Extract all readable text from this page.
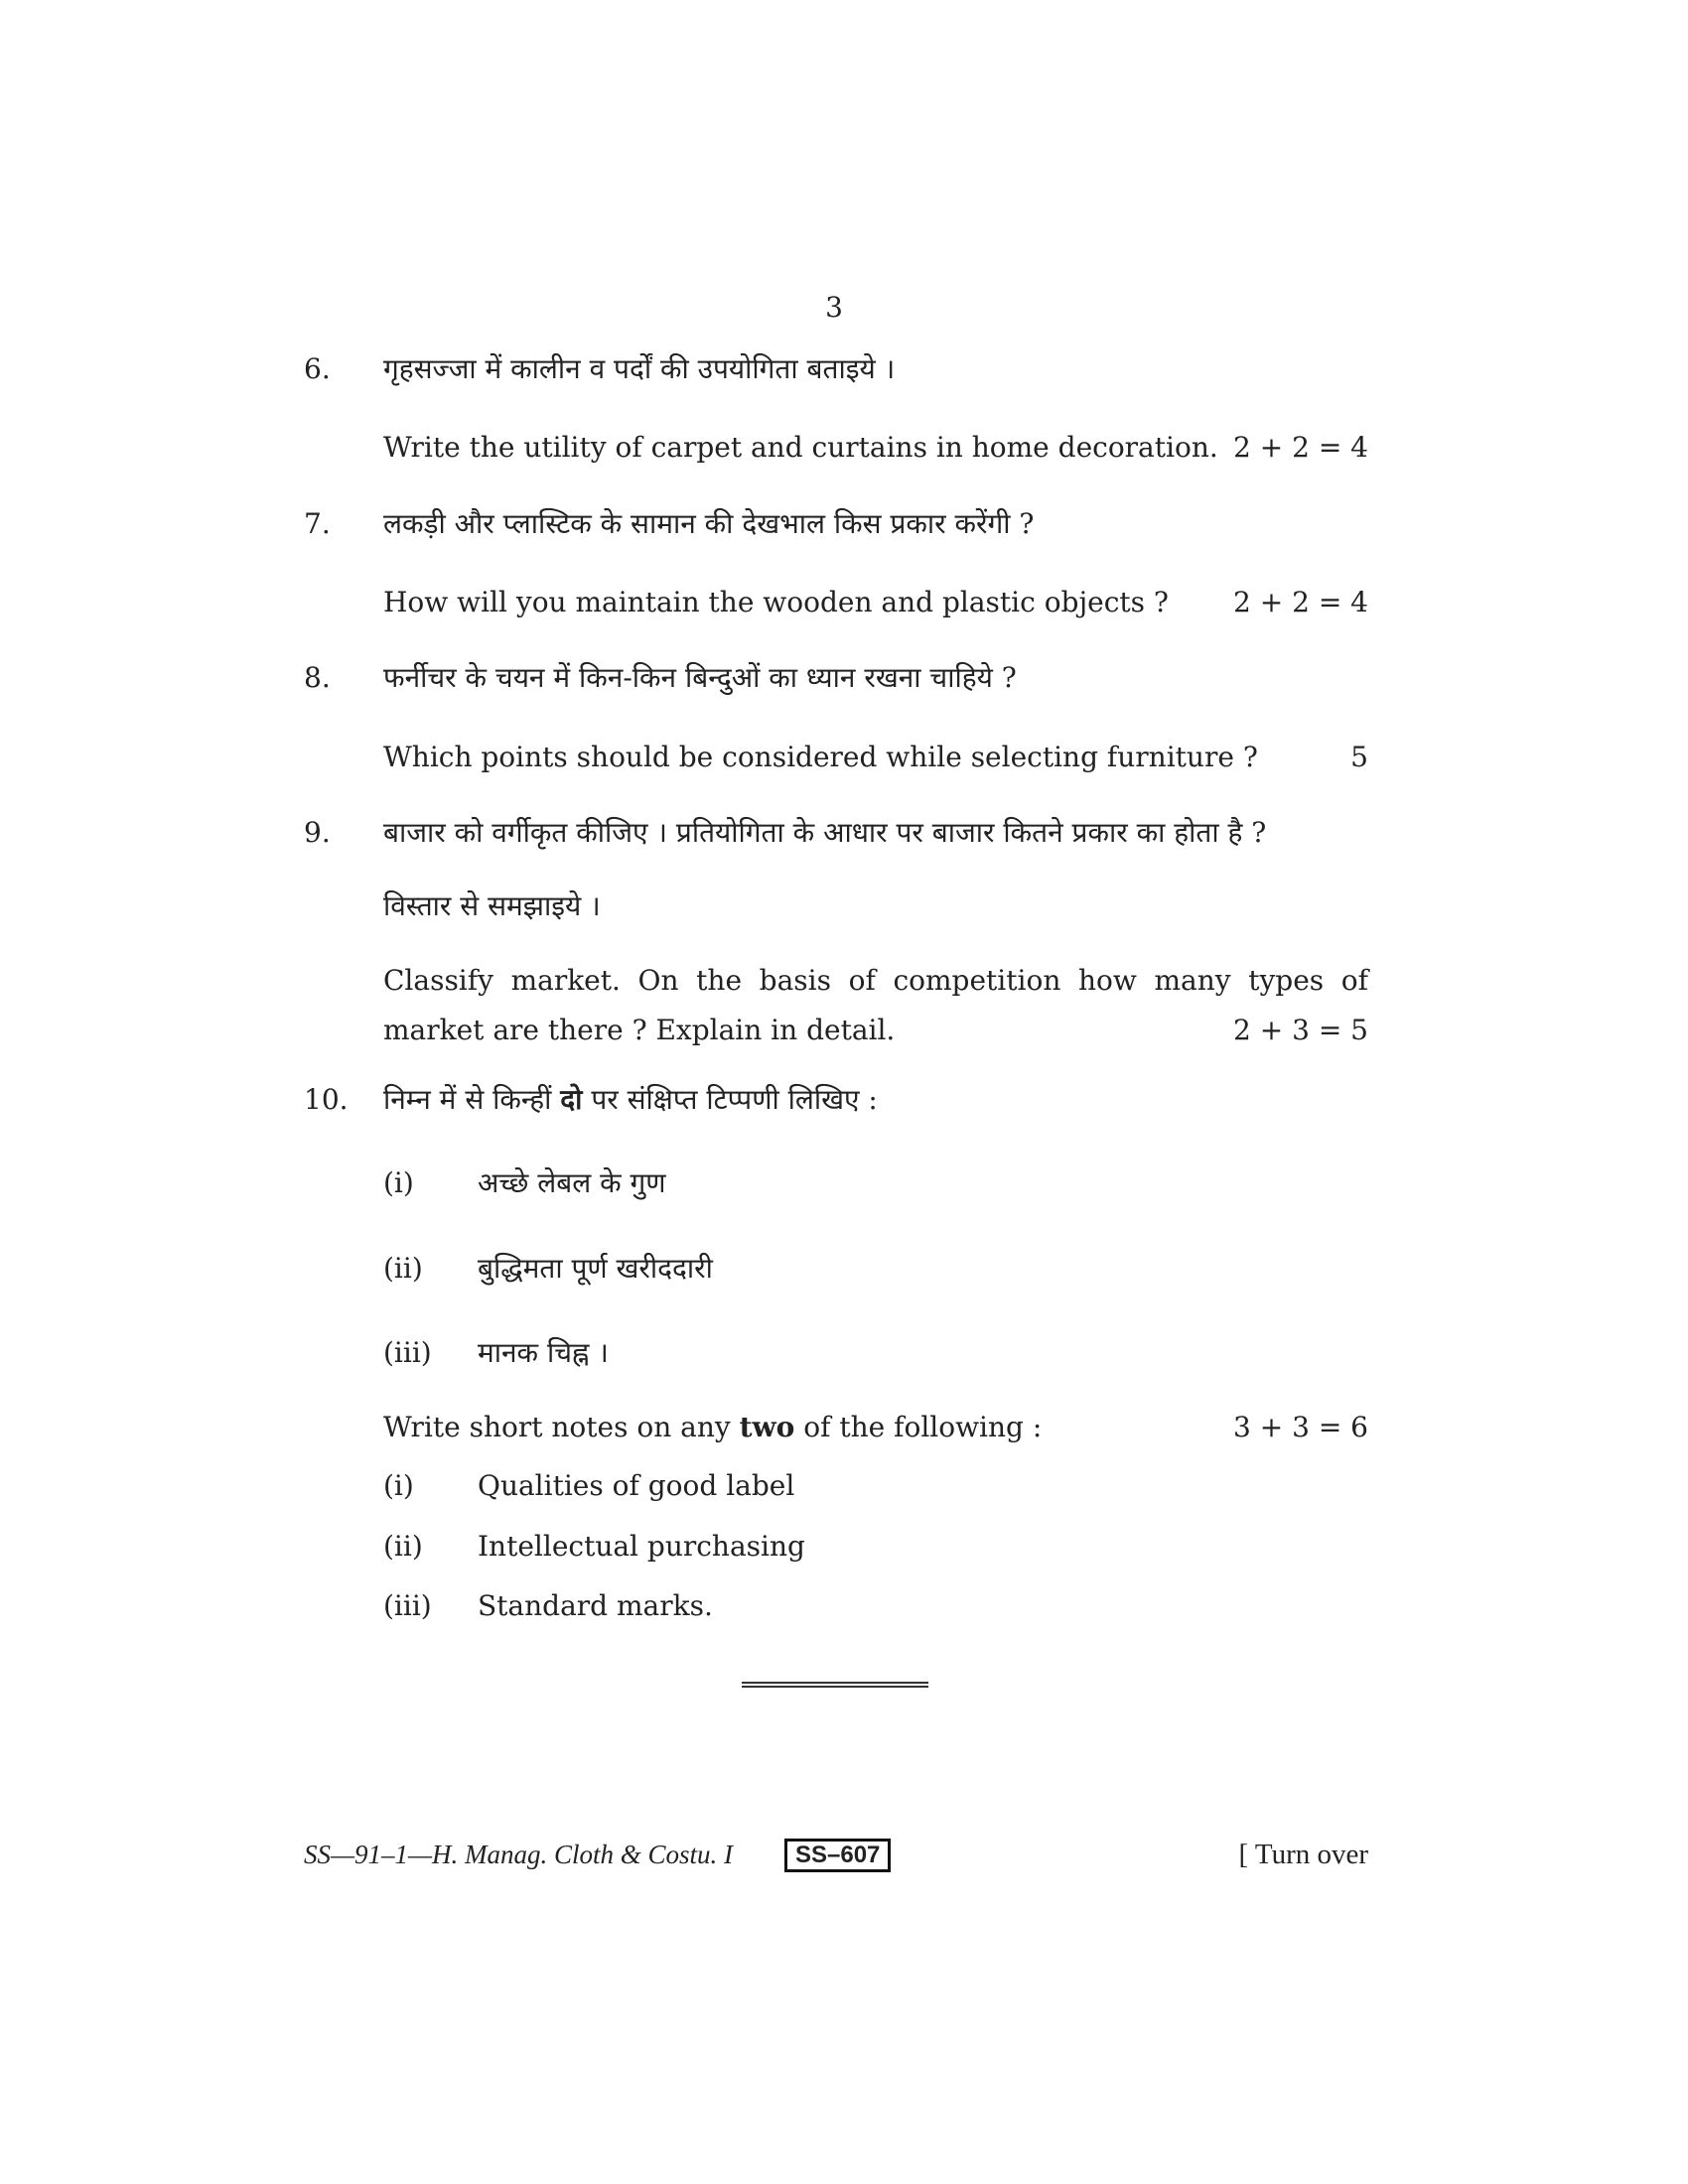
3
6. गृहसज्जा में कालीन व पर्दों की उपयोगिता बताइये ।
Write the utility of carpet and curtains in home decoration. 2 + 2 = 4
7. लकड़ी और प्लास्टिक के सामान की देखभाल किस प्रकार करेंगी ?
How will you maintain the wooden and plastic objects ? 2 + 2 = 4
8. फर्नीचर के चयन में किन-किन बिन्दुओं का ध्यान रखना चाहिये ?
Which points should be considered while selecting furniture ?	5
9. बाजार को वर्गीकृत कीजिए । प्रतियोगिता के आधार पर बाजार कितने प्रकार का होता है ?
विस्तार से समझाइये ।
Classify market. On the basis of competition how many types of
market are there ? Explain in detail.	2 + 3 = 5
10. निम्न में से किन्हीं दो पर संक्षिप्त टिप्पणी लिखिए :
(i) अच्छे लेबल के गुण
(ii) बुद्धिमता पूर्ण खरीददारी
(iii) मानक चिह्न ।
Write short notes on any two of the following :	3 + 3 = 6
(i) Qualities of good label
(ii) Intellectual purchasing
(iii) Standard marks.
SS—91–1—H. Manag. Cloth & Costu. I	SS–607	[ Turn over
